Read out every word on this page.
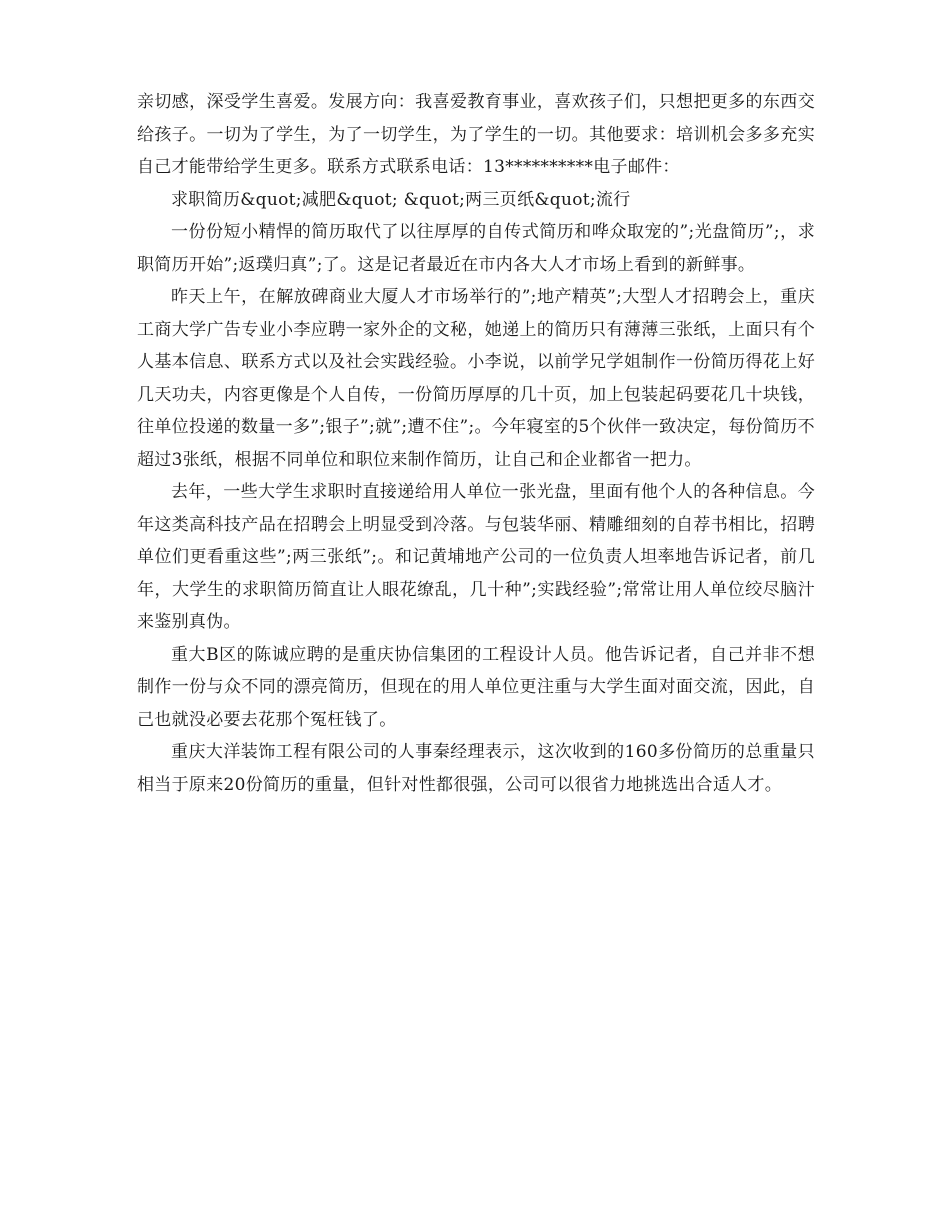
亲切感，深受学生喜爱。发展方向：我喜爱教育事业，喜欢孩子们，只想把更多的东西交给孩子。一切为了学生，为了一切学生，为了学生的一切。其他要求：培训机会多多充实自己才能带给学生更多。联系方式联系电话：13**********电子邮件：

求职简历&quot;减肥&quot; &quot;两三页纸&quot;流行

一份份短小精悍的简历取代了以往厚厚的自传式简历和哗众取宠的”;光盘简历”;，求职简历开始”;返璞归真”;了。这是记者最近在市内各大人才市场上看到的新鲜事。

昨天上午，在解放碑商业大厦人才市场举行的”;地产精英”;大型人才招聘会上，重庆工商大学广告专业小李应聘一家外企的文秘，她递上的简历只有薄薄三张纸，上面只有个人基本信息、联系方式以及社会实践经验。小李说，以前学兄学姐制作一份简历得花上好几天功夫，内容更像是个人自传，一份简历厚厚的几十页，加上包装起码要花几十块钱，往单位投递的数量一多”;银子”;就”;遭不住”;。今年寝室的5个伙伴一致决定，每份简历不超过3张纸，根据不同单位和职位来制作简历，让自己和企业都省一把力。

去年，一些大学生求职时直接递给用人单位一张光盘，里面有他个人的各种信息。今年这类高科技产品在招聘会上明显受到冷落。与包装华丽、精雕细刻的自荐书相比，招聘单位们更看重这些”;两三张纸”;。和记黄埔地产公司的一位负责人坦率地告诉记者，前几年，大学生的求职简历简直让人眼花缭乱，几十种”;实践经验”;常常让用人单位绞尽脑汁来鉴别真伪。

重大B区的陈诚应聘的是重庆协信集团的工程设计人员。他告诉记者，自己并非不想制作一份与众不同的漂亮简历，但现在的用人单位更注重与大学生面对面交流，因此，自己也就没必要去花那个冤枉钱了。

重庆大洋装饰工程有限公司的人事秦经理表示，这次收到的160多份简历的总重量只相当于原来20份简历的重量，但针对性都很强，公司可以很省力地挑选出合适人才。
